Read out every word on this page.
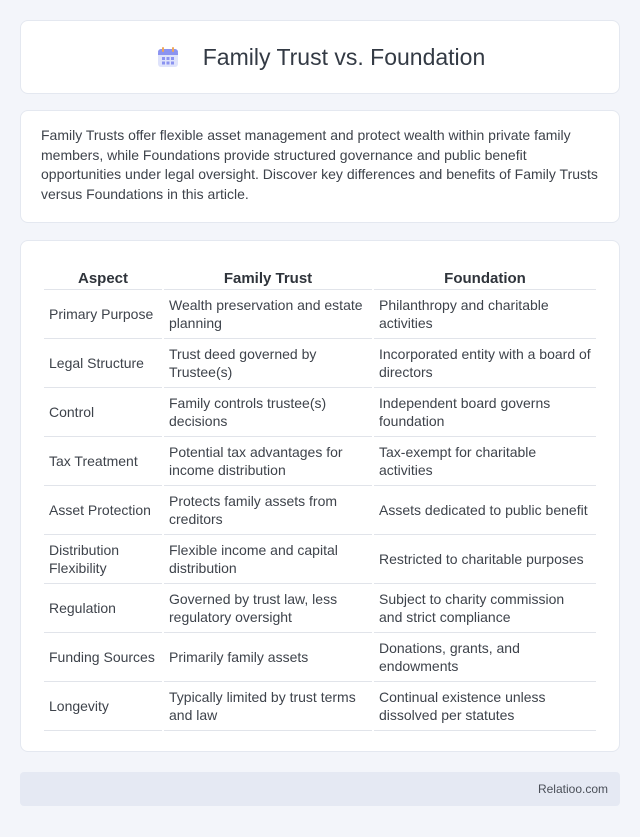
Family Trust vs. Foundation

Family Trusts offer flexible asset management and protect wealth within private family members, while Foundations provide structured governance and public benefit opportunities under legal oversight. Discover key differences and benefits of Family Trusts versus Foundations in this article.

Aspect	Family Trust	Foundation
Primary Purpose	Wealth preservation and estate planning	Philanthropy and charitable activities
Legal Structure	Trust deed governed by Trustee(s)	Incorporated entity with a board of directors
Control	Family controls trustee(s) decisions	Independent board governs foundation
Tax Treatment	Potential tax advantages for income distribution	Tax-exempt for charitable activities
Asset Protection	Protects family assets from creditors	Assets dedicated to public benefit
Distribution Flexibility	Flexible income and capital distribution	Restricted to charitable purposes
Regulation	Governed by trust law, less regulatory oversight	Subject to charity commission and strict compliance
Funding Sources	Primarily family assets	Donations, grants, and endowments
Longevity	Typically limited by trust terms and law	Continual existence unless dissolved per statutes
Relatioo.com
